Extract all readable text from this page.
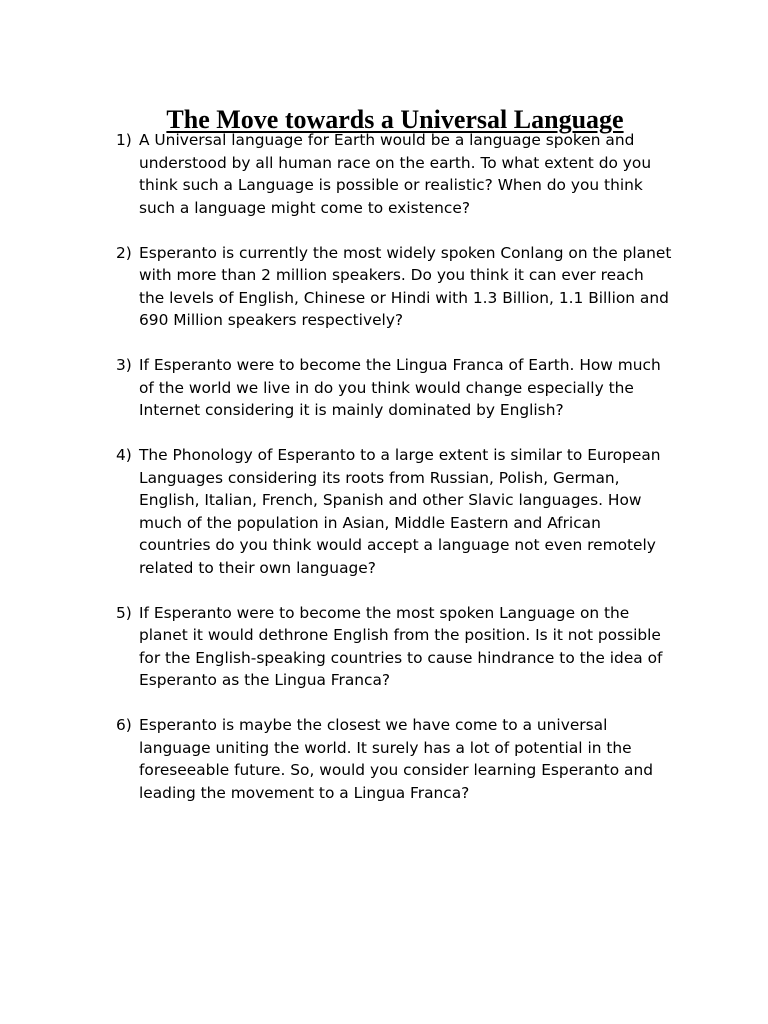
The Move towards a Universal Language
1) A Universal language for Earth would be a language spoken and understood by all human race on the earth. To what extent do you think such a Language is possible or realistic? When do you think such a language might come to existence?
2) Esperanto is currently the most widely spoken Conlang on the planet with more than 2 million speakers. Do you think it can ever reach the levels of English, Chinese or Hindi with 1.3 Billion, 1.1 Billion and 690 Million speakers respectively?
3) If Esperanto were to become the Lingua Franca of Earth. How much of the world we live in do you think would change especially the Internet considering it is mainly dominated by English?
4) The Phonology of Esperanto to a large extent is similar to European Languages considering its roots from Russian, Polish, German, English, Italian, French, Spanish and other Slavic languages. How much of the population in Asian, Middle Eastern and African countries do you think would accept a language not even remotely related to their own language?
5) If Esperanto were to become the most spoken Language on the planet it would dethrone English from the position. Is it not possible for the English-speaking countries to cause hindrance to the idea of Esperanto as the Lingua Franca?
6) Esperanto is maybe the closest we have come to a universal language uniting the world. It surely has a lot of potential in the foreseeable future. So, would you consider learning Esperanto and leading the movement to a Lingua Franca?
